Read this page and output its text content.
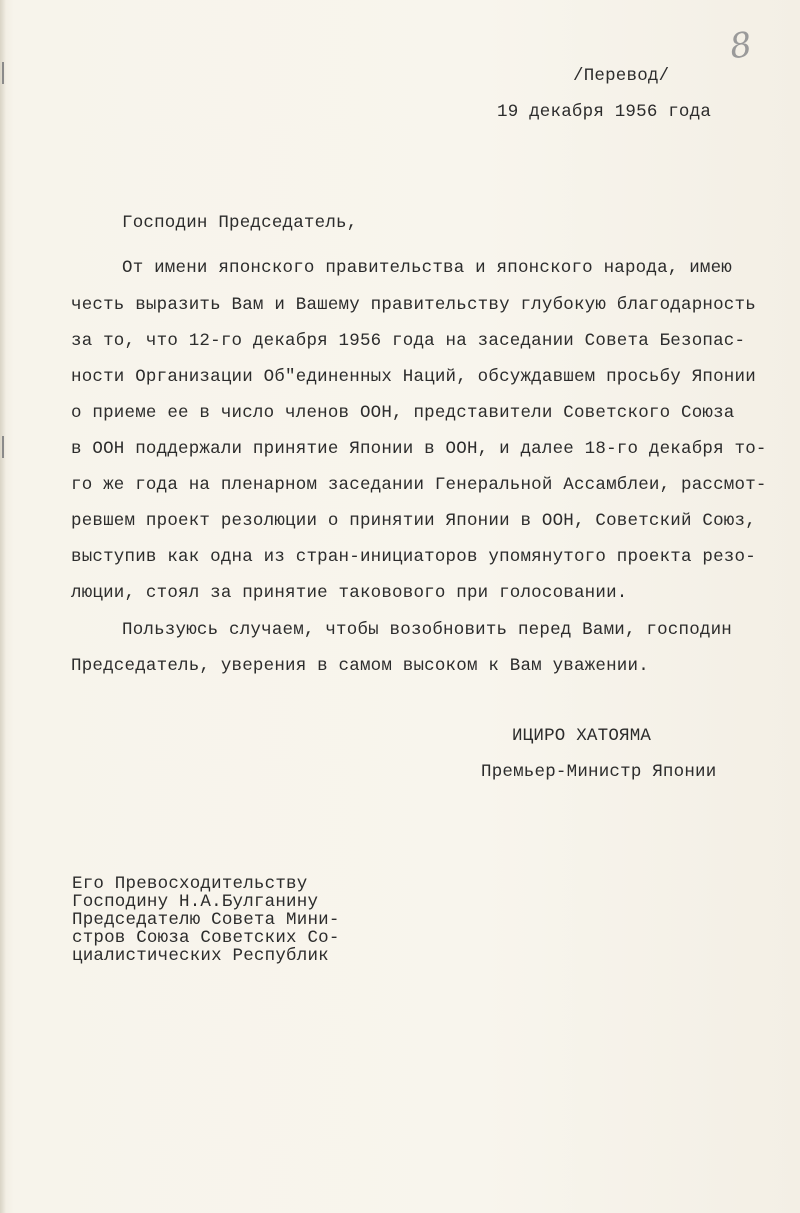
8
/Перевод/
19 декабря 1956 года
Господин Председатель,
От имени японского правительства и японского народа, имею
честь выразить Вам и Вашему правительству глубокую благодарность
за то, что 12-го декабря 1956 года на заседании Совета Безопас-
ности Организации Об"единенных Наций, обсуждавшем просьбу Японии
о приеме ее в число членов ООН, представители Советского Союза
в ООН поддержали принятие Японии в ООН, и далее 18-го декабря то-
го же года на пленарном заседании Генеральной Ассамблеи, рассмот-
ревшем проект резолюции о принятии Японии в ООН, Советский Союз,
выступив как одна из стран-инициаторов упомянутого проекта резо-
люции, стоял за принятие таковового при голосовании.
Пользуюсь случаем, чтобы возобновить перед Вами, господин
Председатель, уверения в самом высоком к Вам уважении.
ИЦИРО ХАТОЯМА
Премьер-Министр Японии
Его Превосходительству
Господину Н.А.Булганину
Председателю Совета Мини-
стров Союза Советских Со-
циалистических Республик
